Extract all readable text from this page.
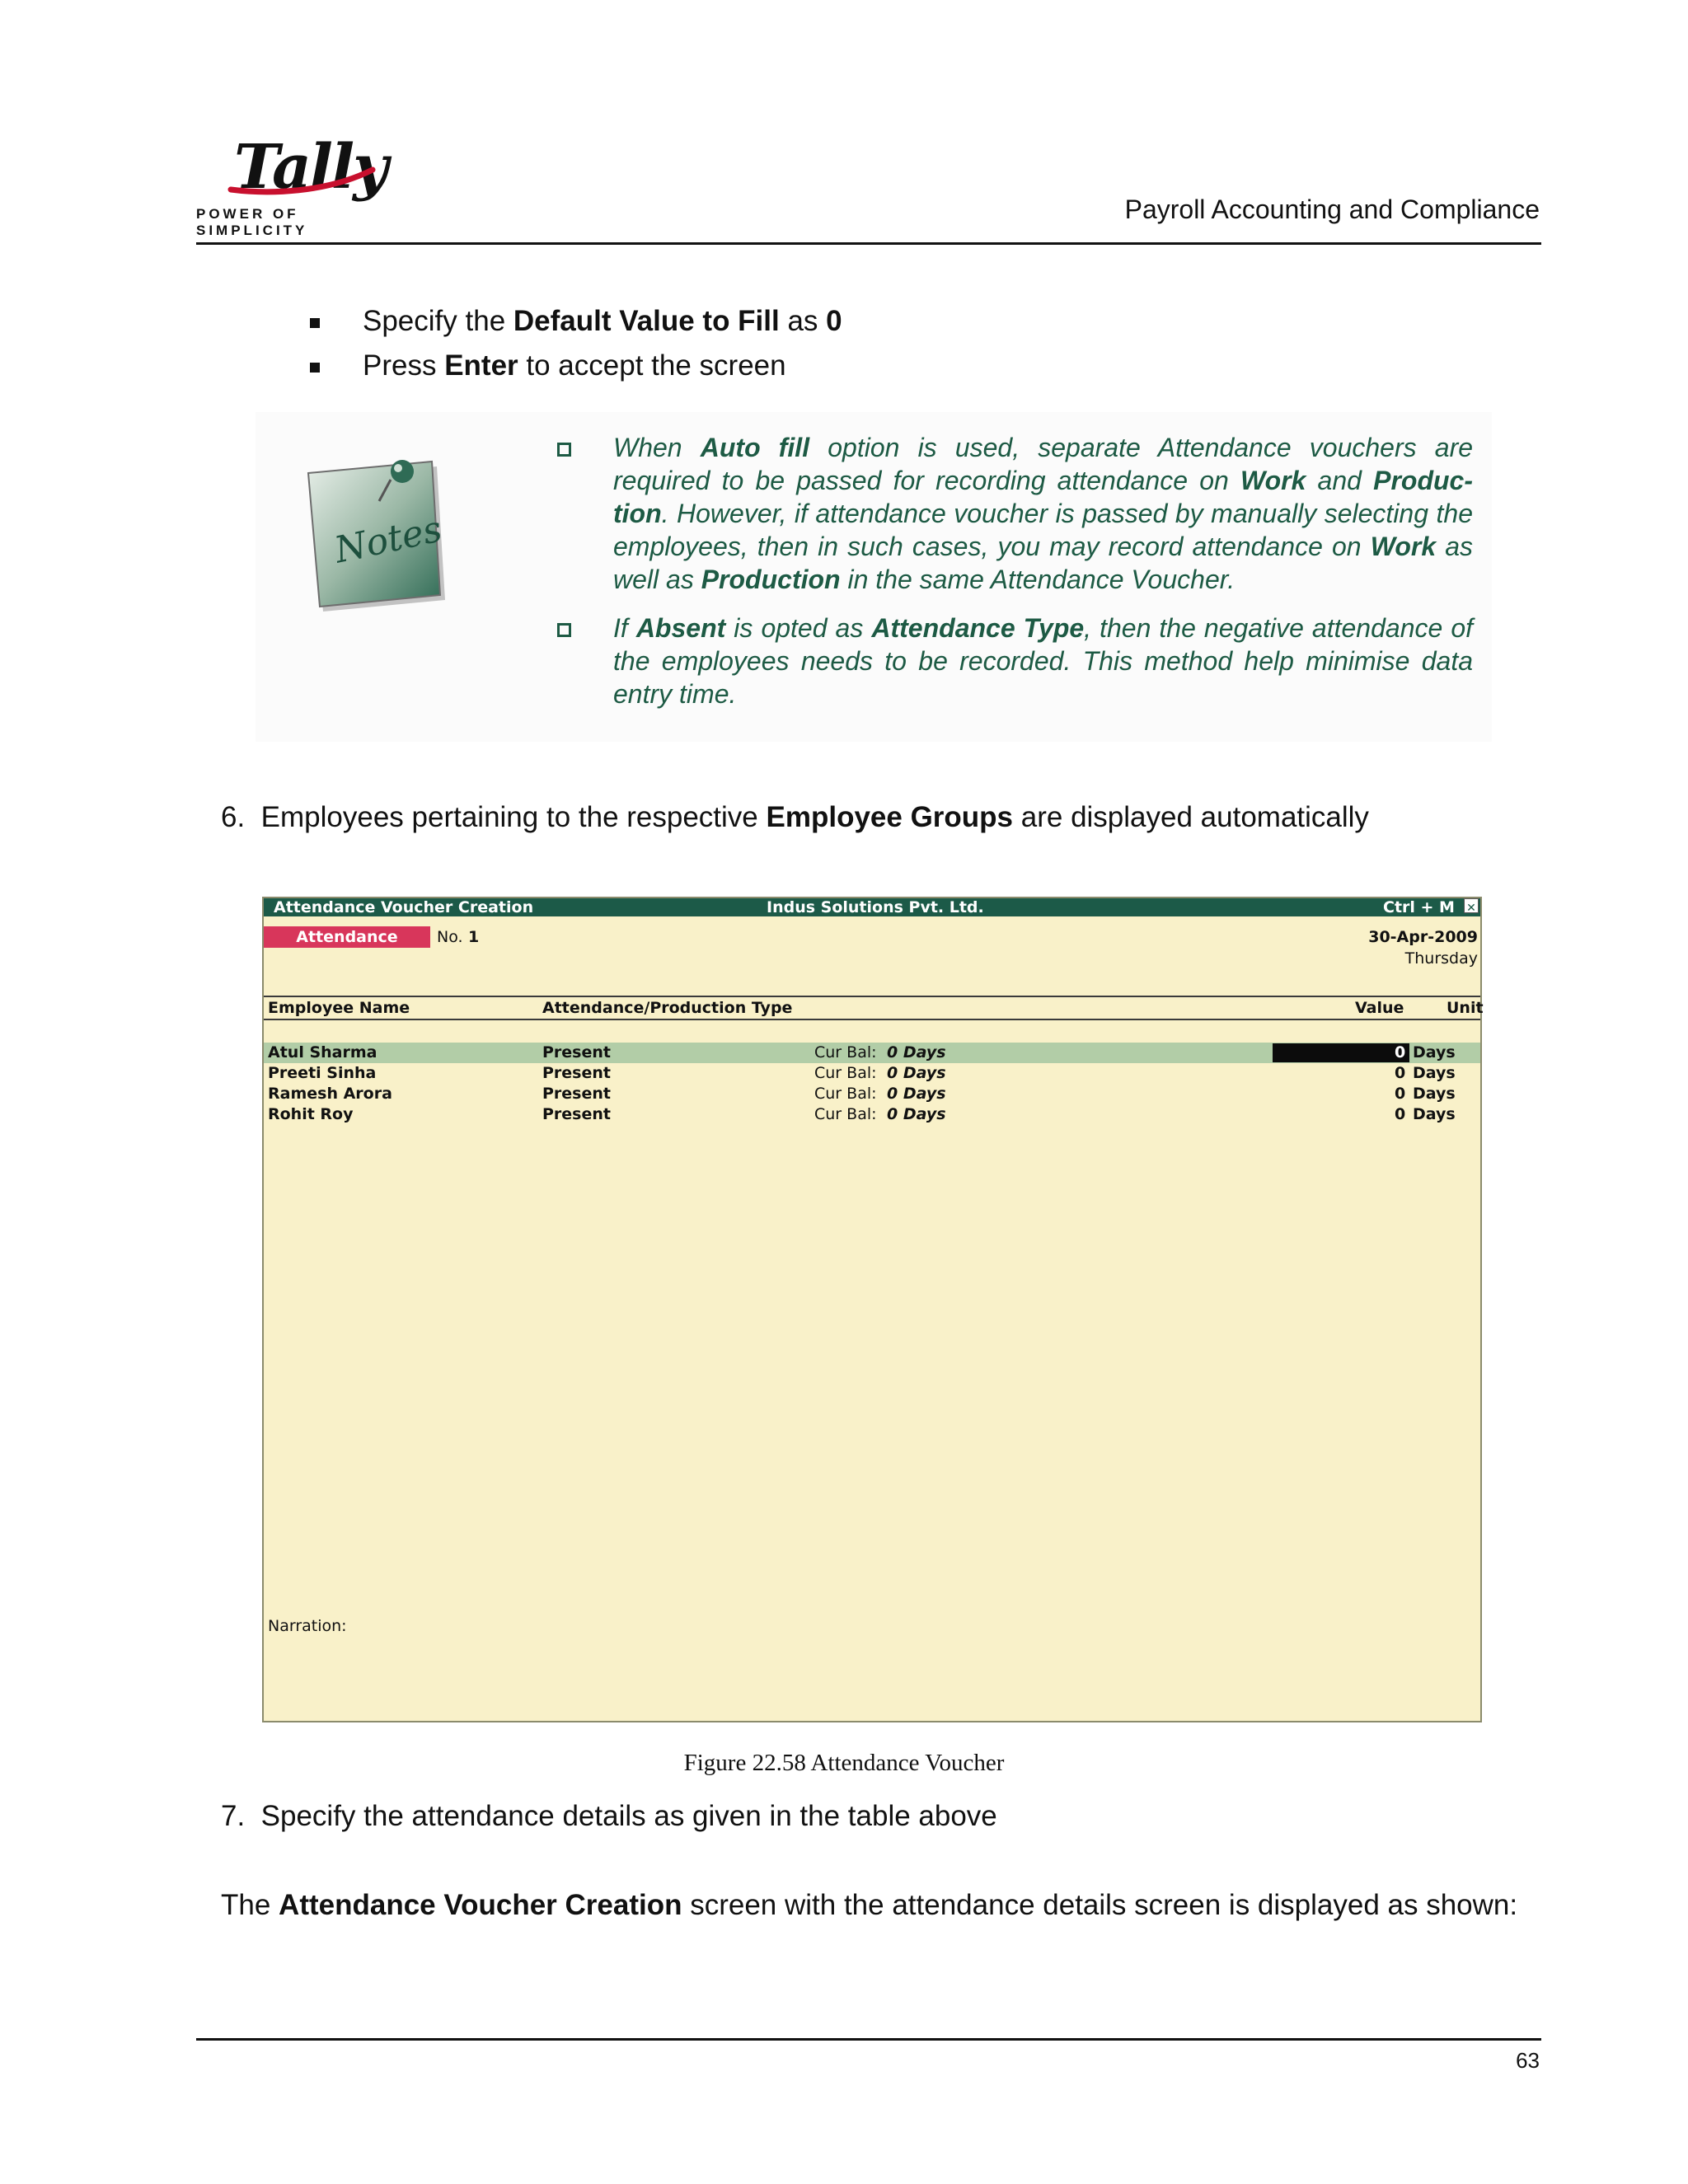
Tally
POWER OF SIMPLICITY
Payroll Accounting and Compliance
Specify the Default Value to Fill as 0
Press Enter to accept the screen
Notes
When Auto fill option is used, separate Attendance vouchers are required to be passed for recording attendance on Work and Produc-tion. However, if attendance voucher is passed by manually selecting the employees, then in such cases, you may record attendance on Work as well as Production in the same Attendance Voucher.
If Absent is opted as Attendance Type, then the negative attendance of the employees needs to be recorded. This method help minimise data entry time.
6. Employees pertaining to the respective Employee Groups are displayed automatically
Attendance Voucher Creation	Indus Solutions Pvt. Ltd.	Ctrl + M ✕
Attendance	No. 1	30-Apr-2009
Thursday
Employee Name	Attendance/Production Type	Value	Unit
Atul Sharma	Present	Cur Bal: 0 Days	0 Days
Preeti Sinha	Present	Cur Bal: 0 Days	0 Days
Ramesh Arora	Present	Cur Bal: 0 Days	0 Days
Rohit Roy	Present	Cur Bal: 0 Days	0 Days
Narration:
Figure 22.58 Attendance Voucher
7. Specify the attendance details as given in the table above
The Attendance Voucher Creation screen with the attendance details screen is displayed as shown:
63
